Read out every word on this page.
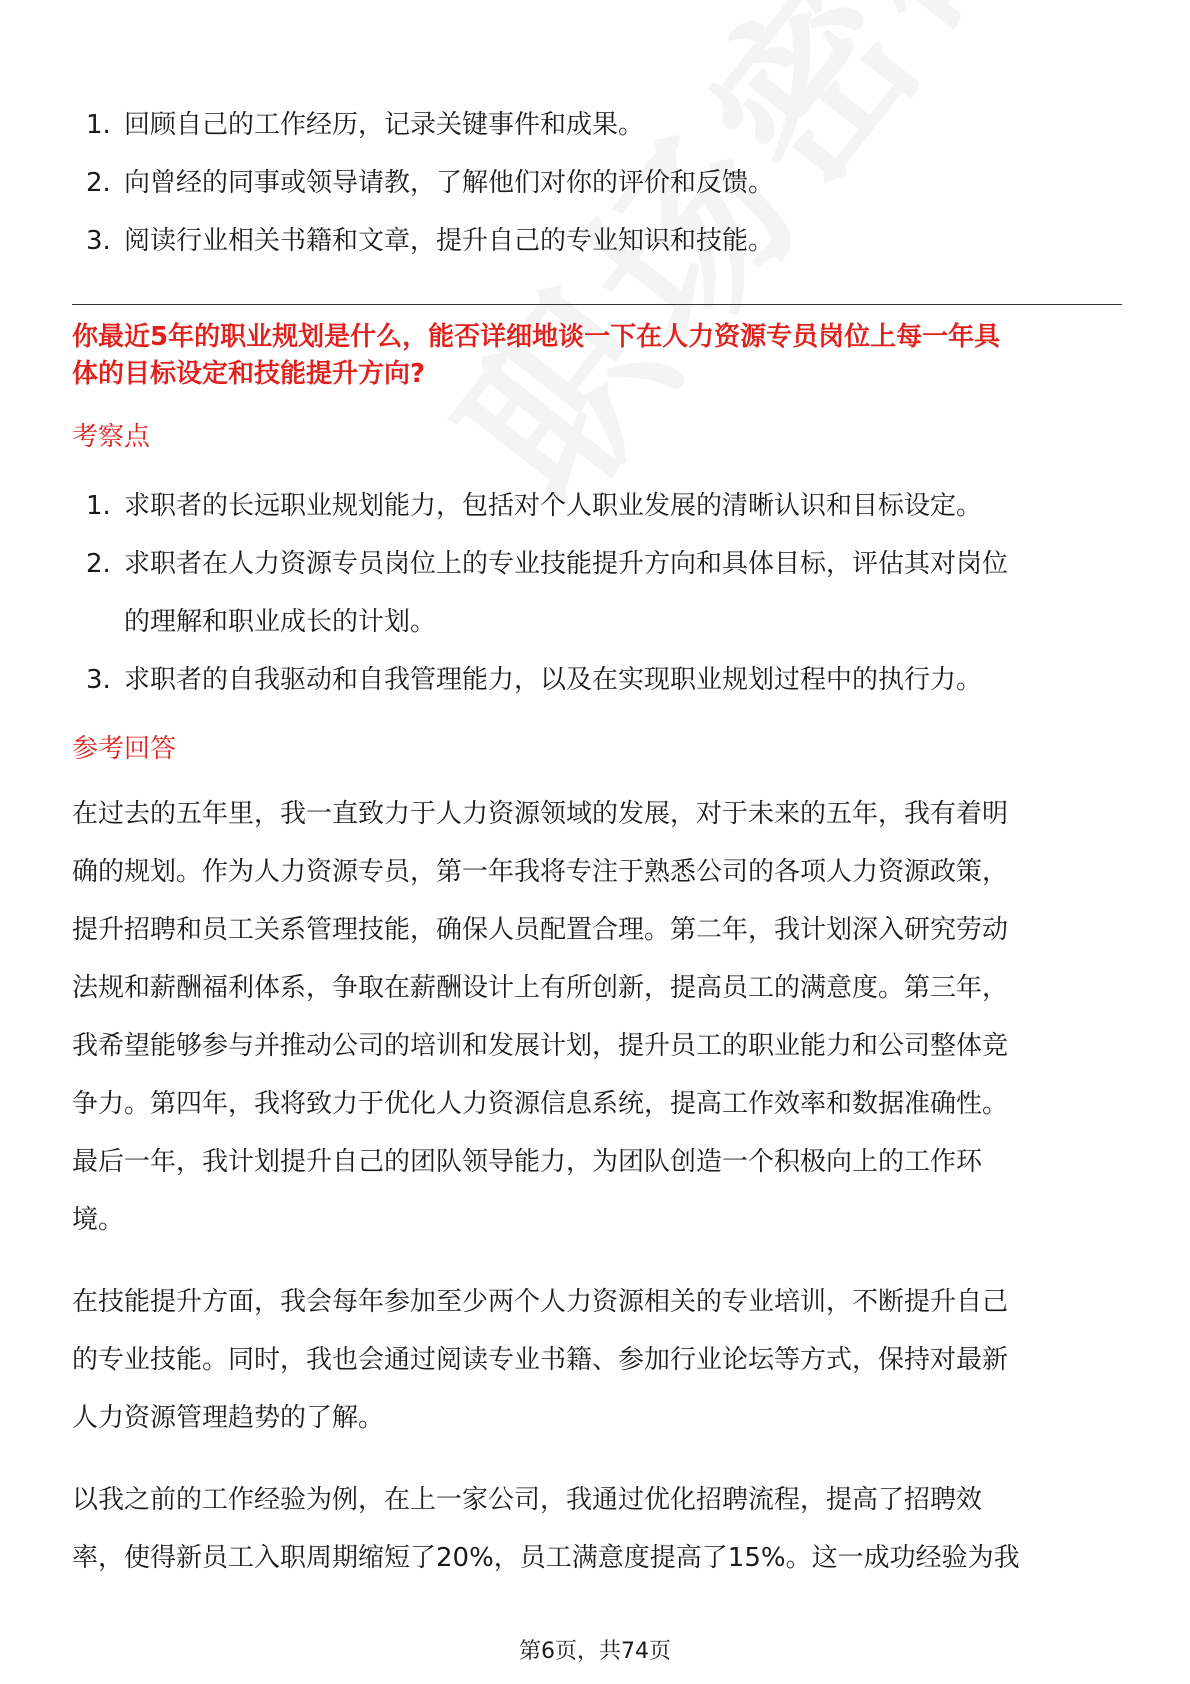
1. 回顾自己的工作经历，记录关键事件和成果。
2. 向曾经的同事或领导请教，了解他们对你的评价和反馈。
3. 阅读行业相关书籍和文章，提升自己的专业知识和技能。

你最近5年的职业规划是什么，能否详细地谈一下在人力资源专员岗位上每一年具
体的目标设定和技能提升方向?

考察点
1. 求职者的长远职业规划能力，包括对个人职业发展的清晰认识和目标设定。
2. 求职者在人力资源专员岗位上的专业技能提升方向和具体目标，评估其对岗位
的理解和职业成长的计划。
3. 求职者的自我驱动和自我管理能力，以及在实现职业规划过程中的执行力。
参考回答

在过去的五年里，我一直致力于人力资源领域的发展，对于未来的五年，我有着明
确的规划。作为人力资源专员，第一年我将专注于熟悉公司的各项人力资源政策，
提升招聘和员工关系管理技能，确保人员配置合理。第二年，我计划深入研究劳动
法规和薪酬福利体系，争取在薪酬设计上有所创新，提高员工的满意度。第三年，
我希望能够参与并推动公司的培训和发展计划，提升员工的职业能力和公司整体竞
争力。第四年，我将致力于优化人力资源信息系统，提高工作效率和数据准确性。
最后一年，我计划提升自己的团队领导能力，为团队创造一个积极向上的工作环
境。

在技能提升方面，我会每年参加至少两个人力资源相关的专业培训，不断提升自己
的专业技能。同时，我也会通过阅读专业书籍、参加行业论坛等方式，保持对最新
人力资源管理趋势的了解。

以我之前的工作经验为例，在上一家公司，我通过优化招聘流程，提高了招聘效
率，使得新员工入职周期缩短了20%，员工满意度提高了15%。这一成功经验为我

第6页，共74页
